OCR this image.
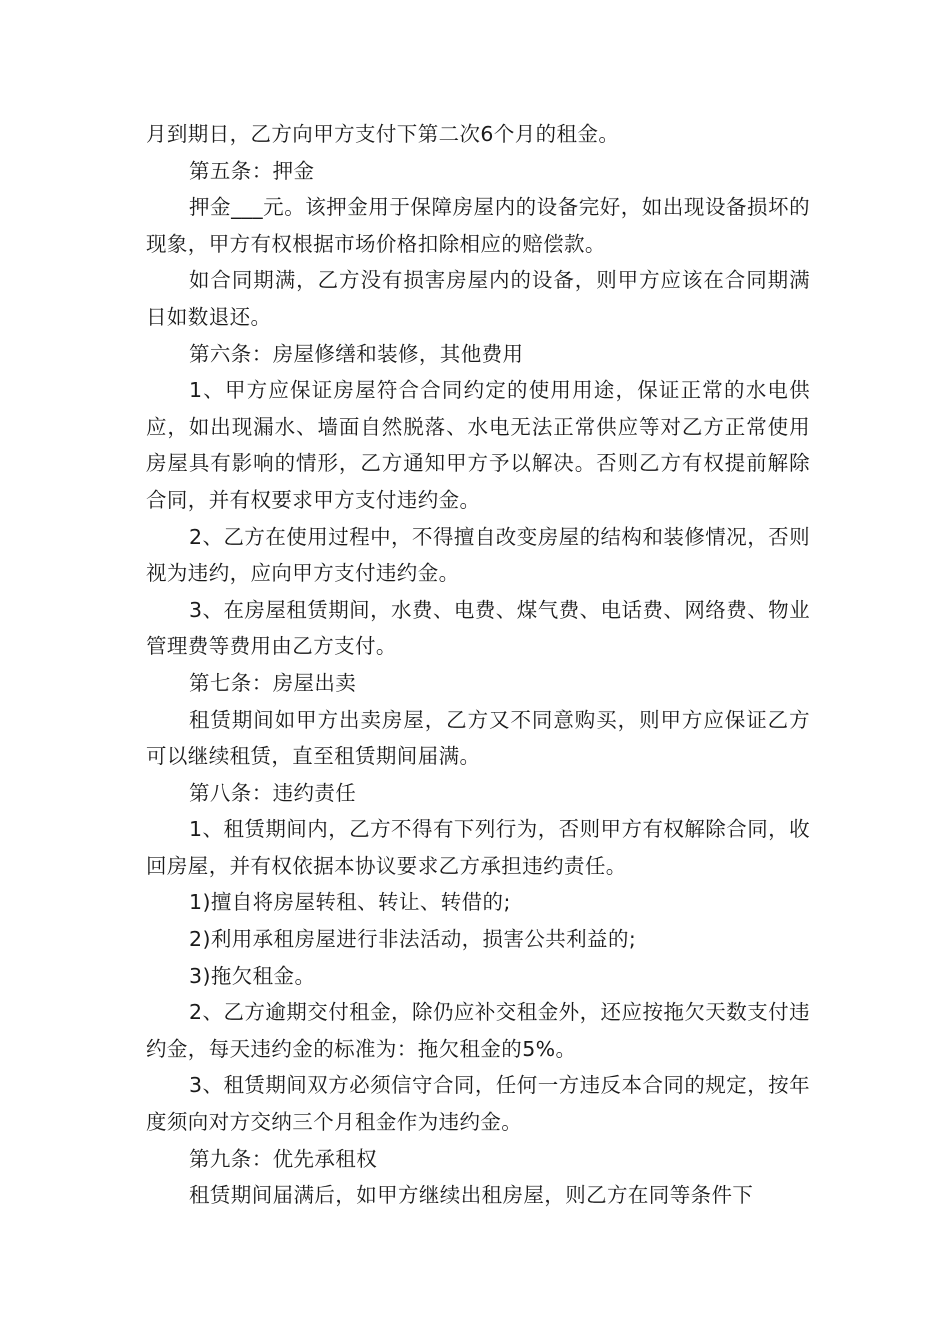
月到期日，乙方向甲方支付下第二次6个月的租金。

第五条：押金

押金___元。该押金用于保障房屋内的设备完好，如出现设备损坏的现象，甲方有权根据市场价格扣除相应的赔偿款。

如合同期满，乙方没有损害房屋内的设备，则甲方应该在合同期满日如数退还。

第六条：房屋修缮和装修，其他费用

1、甲方应保证房屋符合合同约定的使用用途，保证正常的水电供应，如出现漏水、墙面自然脱落、水电无法正常供应等对乙方正常使用房屋具有影响的情形，乙方通知甲方予以解决。否则乙方有权提前解除合同，并有权要求甲方支付违约金。

2、乙方在使用过程中，不得擅自改变房屋的结构和装修情况，否则视为违约，应向甲方支付违约金。

3、在房屋租赁期间，水费、电费、煤气费、电话费、网络费、物业管理费等费用由乙方支付。

第七条：房屋出卖

租赁期间如甲方出卖房屋，乙方又不同意购买，则甲方应保证乙方可以继续租赁，直至租赁期间届满。

第八条：违约责任

1、租赁期间内，乙方不得有下列行为，否则甲方有权解除合同，收回房屋，并有权依据本协议要求乙方承担违约责任。

1)擅自将房屋转租、转让、转借的;

2)利用承租房屋进行非法活动，损害公共利益的;

3)拖欠租金。

2、乙方逾期交付租金，除仍应补交租金外，还应按拖欠天数支付违约金，每天违约金的标准为：拖欠租金的5%。

3、租赁期间双方必须信守合同，任何一方违反本合同的规定，按年度须向对方交纳三个月租金作为违约金。

第九条：优先承租权

租赁期间届满后，如甲方继续出租房屋，则乙方在同等条件下
